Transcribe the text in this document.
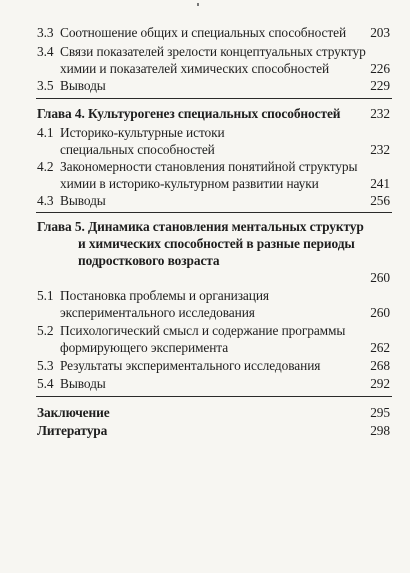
3.3 Соотношение общих и специальных способностей 203
3.4 Связи показателей зрелости концептуальных структур
химии и показателей химических способностей	226
3.5 Выводы	229
Глава 4. Культурогенез специальных способностей 232
4.1 Историко-культурные истоки
специальных способностей	232
4.2 Закономерности становления понятийной структуры
химии в историко-культурном развитии науки	241
4.3 Выводы	256
Глава 5. Динамика становления ментальных структур
и химических способностей в разные периоды
подросткового возраста
260
5.1 Постановка проблемы и организация
экспериментального исследования	260
5.2 Психологический смысл и содержание программы
формирующего эксперимента	262
5.3 Результаты экспериментального исследования	268
5.4 Выводы	292
Заключение	295
Литература	298
